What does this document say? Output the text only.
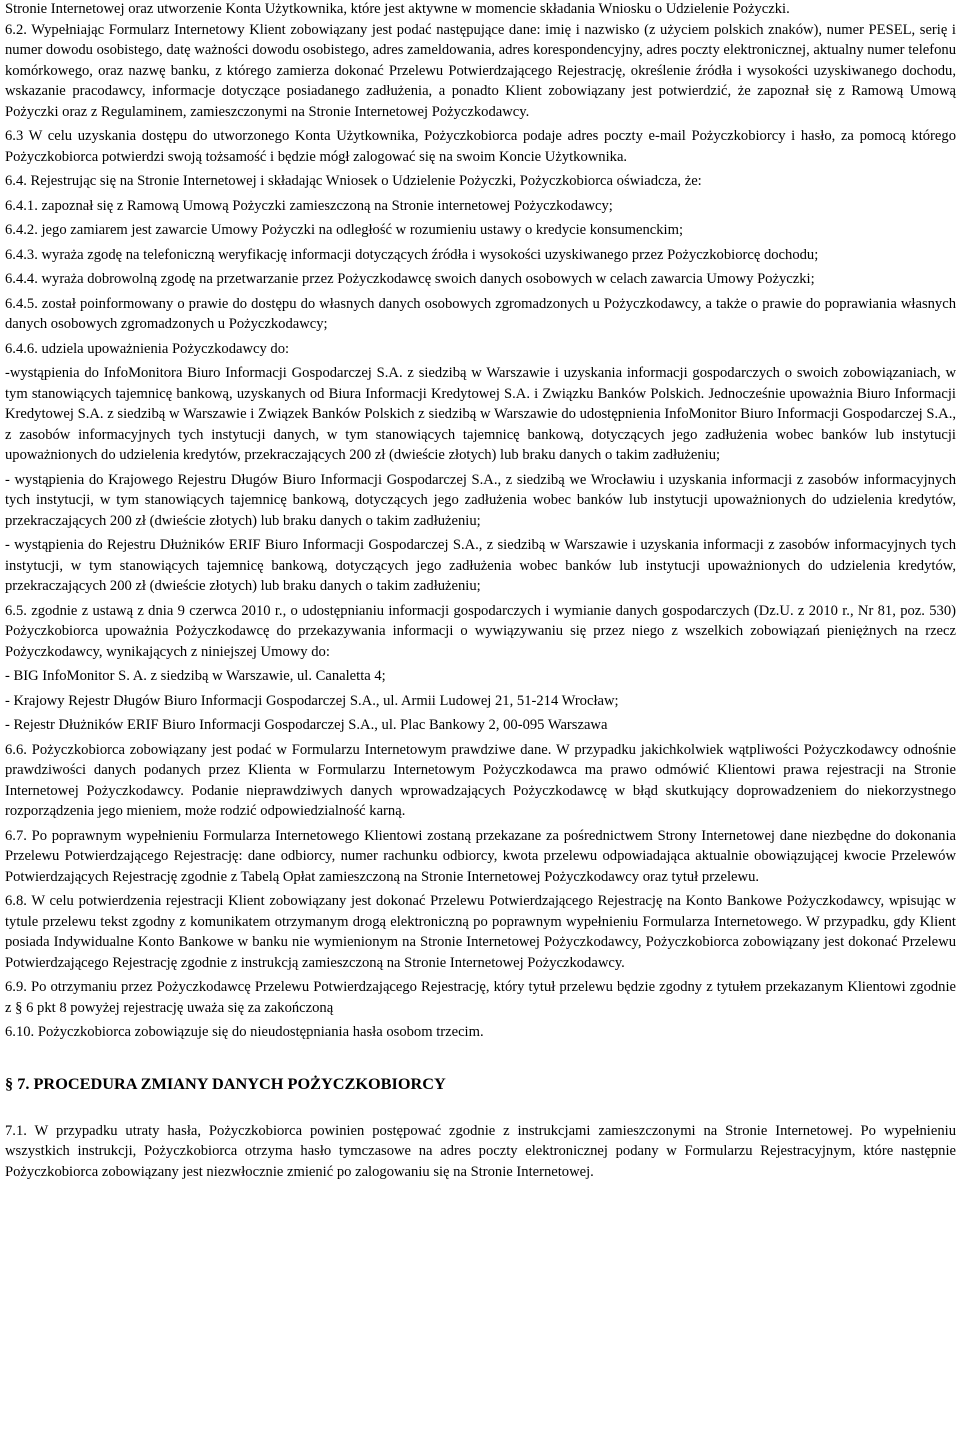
Stronie Internetowej oraz utworzenie Konta Użytkownika, które jest aktywne w momencie składania Wniosku o Udzielenie Pożyczki.

6.2. Wypełniając Formularz Internetowy Klient zobowiązany jest podać następujące dane: imię i nazwisko (z użyciem polskich znaków), numer PESEL, serię i numer dowodu osobistego, datę ważności dowodu osobistego, adres zameldowania, adres korespondencyjny, adres poczty elektronicznej, aktualny numer telefonu komórkowego, oraz nazwę banku, z którego zamierza dokonać Przelewu Potwierdzającego Rejestrację, określenie źródła i wysokości uzyskiwanego dochodu, wskazanie pracodawcy, informacje dotyczące posiadanego zadłużenia, a ponadto Klient zobowiązany jest potwierdzić, że zapoznał się z Ramową Umową Pożyczki oraz z Regulaminem, zamieszczonymi na Stronie Internetowej Pożyczkodawcy.

6.3 W celu uzyskania dostępu do utworzonego Konta Użytkownika, Pożyczkobiorca podaje adres poczty e-mail Pożyczkobiorcy i hasło, za pomocą którego Pożyczkobiorca potwierdzi swoją tożsamość i będzie mógł zalogować się na swoim Koncie Użytkownika.

6.4. Rejestrując się na Stronie Internetowej i składając Wniosek o Udzielenie Pożyczki, Pożyczkobiorca oświadcza, że:

6.4.1. zapoznał się z Ramową Umową Pożyczki zamieszczoną na Stronie internetowej Pożyczkodawcy;

6.4.2. jego zamiarem jest zawarcie Umowy Pożyczki na odległość w rozumieniu ustawy o kredycie konsumenckim;

6.4.3. wyraża zgodę na telefoniczną weryfikację informacji dotyczących źródła i wysokości uzyskiwanego przez Pożyczkobiorcę dochodu;

6.4.4. wyraża dobrowolną zgodę na przetwarzanie przez Pożyczkodawcę swoich danych osobowych w celach zawarcia Umowy Pożyczki;

6.4.5. został poinformowany o prawie do dostępu do własnych danych osobowych zgromadzonych u Pożyczkodawcy, a także o prawie do poprawiania własnych danych osobowych zgromadzonych u Pożyczkodawcy;

6.4.6. udziela upoważnienia Pożyczkodawcy do:

-wystąpienia do InfoMonitora Biuro Informacji Gospodarczej S.A. z siedzibą w Warszawie i uzyskania informacji gospodarczych o swoich zobowiązaniach, w tym stanowiących tajemnicę bankową, uzyskanych od Biura Informacji Kredytowej S.A. i Związku Banków Polskich. Jednocześnie upoważnia Biuro Informacji Kredytowej S.A. z siedzibą w Warszawie i Związek Banków Polskich z siedzibą w Warszawie do udostępnienia InfoMonitor Biuro Informacji Gospodarczej S.A., z zasobów informacyjnych tych instytucji danych, w tym stanowiących tajemnicę bankową, dotyczących jego zadłużenia wobec banków lub instytucji upoważnionych do udzielenia kredytów, przekraczających 200 zł (dwieście złotych) lub braku danych o takim zadłużeniu;

- wystąpienia do Krajowego Rejestru Długów Biuro Informacji Gospodarczej S.A., z siedzibą we Wrocławiu i uzyskania informacji z zasobów informacyjnych tych instytucji, w tym stanowiących tajemnicę bankową, dotyczących jego zadłużenia wobec banków lub instytucji upoważnionych do udzielenia kredytów, przekraczających 200 zł (dwieście złotych) lub braku danych o takim zadłużeniu;

- wystąpienia do Rejestru Dłużników ERIF Biuro Informacji Gospodarczej S.A., z siedzibą w Warszawie i uzyskania informacji z zasobów informacyjnych tych instytucji, w tym stanowiących tajemnicę bankową, dotyczących jego zadłużenia wobec banków lub instytucji upoważnionych do udzielenia kredytów, przekraczających 200 zł (dwieście złotych) lub braku danych o takim zadłużeniu;

6.5. zgodnie z ustawą z dnia 9 czerwca 2010 r., o udostępnianiu informacji gospodarczych i wymianie danych gospodarczych (Dz.U. z 2010 r., Nr 81, poz. 530) Pożyczkobiorca upoważnia Pożyczkodawcę do przekazywania informacji o wywiązywaniu się przez niego z wszelkich zobowiązań pieniężnych na rzecz Pożyczkodawcy, wynikających z niniejszej Umowy do:

- BIG InfoMonitor S. A. z siedzibą w Warszawie, ul. Canaletta 4;

- Krajowy Rejestr Długów Biuro Informacji Gospodarczej S.A., ul. Armii Ludowej 21, 51-214 Wrocław;

- Rejestr Dłużników ERIF Biuro Informacji Gospodarczej S.A., ul. Plac Bankowy 2, 00-095 Warszawa

6.6. Pożyczkobiorca zobowiązany jest podać w Formularzu Internetowym prawdziwe dane. W przypadku jakichkolwiek wątpliwości Pożyczkodawcy odnośnie prawdziwości danych podanych przez Klienta w Formularzu Internetowym Pożyczkodawca ma prawo odmówić Klientowi prawa rejestracji na Stronie Internetowej Pożyczkodawcy. Podanie nieprawdziwych danych wprowadzających Pożyczkodawcę w błąd skutkujący doprowadzeniem do niekorzystnego rozporządzenia jego mieniem, może rodzić odpowiedzialność karną.

6.7. Po poprawnym wypełnieniu Formularza Internetowego Klientowi zostaną przekazane za pośrednictwem Strony Internetowej dane niezbędne do dokonania Przelewu Potwierdzającego Rejestrację: dane odbiorcy, numer rachunku odbiorcy, kwota przelewu odpowiadająca aktualnie obowiązującej kwocie Przelewów Potwierdzających Rejestrację zgodnie z Tabelą Opłat zamieszczoną na Stronie Internetowej Pożyczkodawcy oraz tytuł przelewu.

6.8. W celu potwierdzenia rejestracji Klient zobowiązany jest dokonać Przelewu Potwierdzającego Rejestrację na Konto Bankowe Pożyczkodawcy, wpisując w tytule przelewu tekst zgodny z komunikatem otrzymanym drogą elektroniczną po poprawnym wypełnieniu Formularza Internetowego. W przypadku, gdy Klient posiada Indywidualne Konto Bankowe w banku nie wymienionym na Stronie Internetowej Pożyczkodawcy, Pożyczkobiorca zobowiązany jest dokonać Przelewu Potwierdzającego Rejestrację zgodnie z instrukcją zamieszczoną na Stronie Internetowej Pożyczkodawcy.

6.9. Po otrzymaniu przez Pożyczkodawcę Przelewu Potwierdzającego Rejestrację, który tytuł przelewu będzie zgodny z tytułem przekazanym Klientowi zgodnie z § 6 pkt 8 powyżej rejestrację uważa się za zakończoną

6.10. Pożyczkobiorca zobowiązuje się do nieudostępniania hasła osobom trzecim.

§ 7. PROCEDURA ZMIANY DANYCH POŻYCZKOBIORCY

7.1. W przypadku utraty hasła, Pożyczkobiorca powinien postępować zgodnie z instrukcjami zamieszczonymi na Stronie Internetowej. Po wypełnieniu wszystkich instrukcji, Pożyczkobiorca otrzyma hasło tymczasowe na adres poczty elektronicznej podany w Formularzu Rejestracyjnym, które następnie Pożyczkobiorca zobowiązany jest niezwłocznie zmienić po zalogowaniu się na Stronie Internetowej.
